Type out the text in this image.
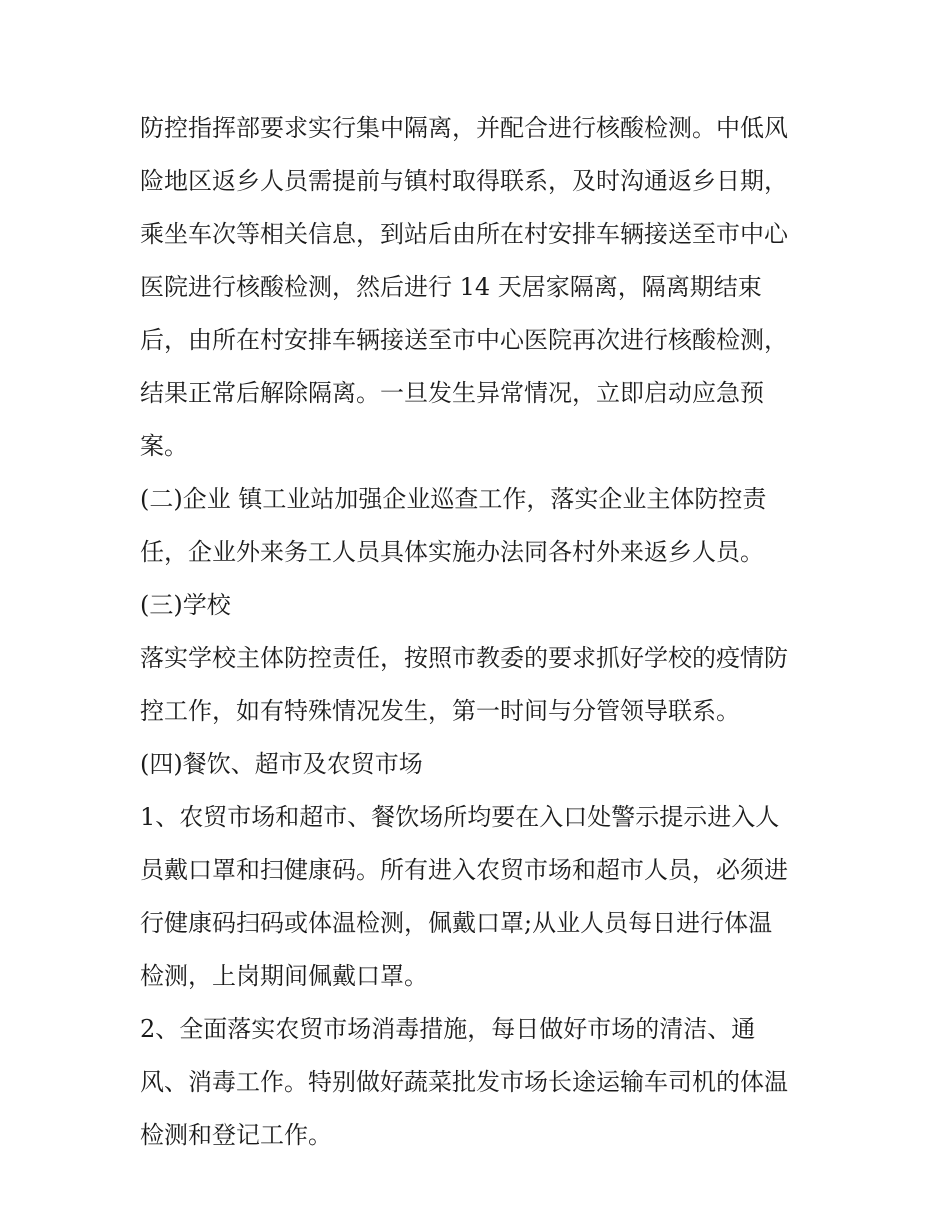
防控指挥部要求实行集中隔离，并配合进行核酸检测。中低风
险地区返乡人员需提前与镇村取得联系，及时沟通返乡日期，
乘坐车次等相关信息，到站后由所在村安排车辆接送至市中心
医院进行核酸检测，然后进行 14 天居家隔离，隔离期结束
后，由所在村安排车辆接送至市中心医院再次进行核酸检测，
结果正常后解除隔离。一旦发生异常情况，立即启动应急预
案。
(二)企业 镇工业站加强企业巡查工作，落实企业主体防控责
任，企业外来务工人员具体实施办法同各村外来返乡人员。
(三)学校
落实学校主体防控责任，按照市教委的要求抓好学校的疫情防
控工作，如有特殊情况发生，第一时间与分管领导联系。
(四)餐饮、超市及农贸市场
1、农贸市场和超市、餐饮场所均要在入口处警示提示进入人
员戴口罩和扫健康码。所有进入农贸市场和超市人员，必须进
行健康码扫码或体温检测，佩戴口罩;从业人员每日进行体温
检测，上岗期间佩戴口罩。
2、全面落实农贸市场消毒措施，每日做好市场的清洁、通
风、消毒工作。特别做好蔬菜批发市场长途运输车司机的体温
检测和登记工作。
